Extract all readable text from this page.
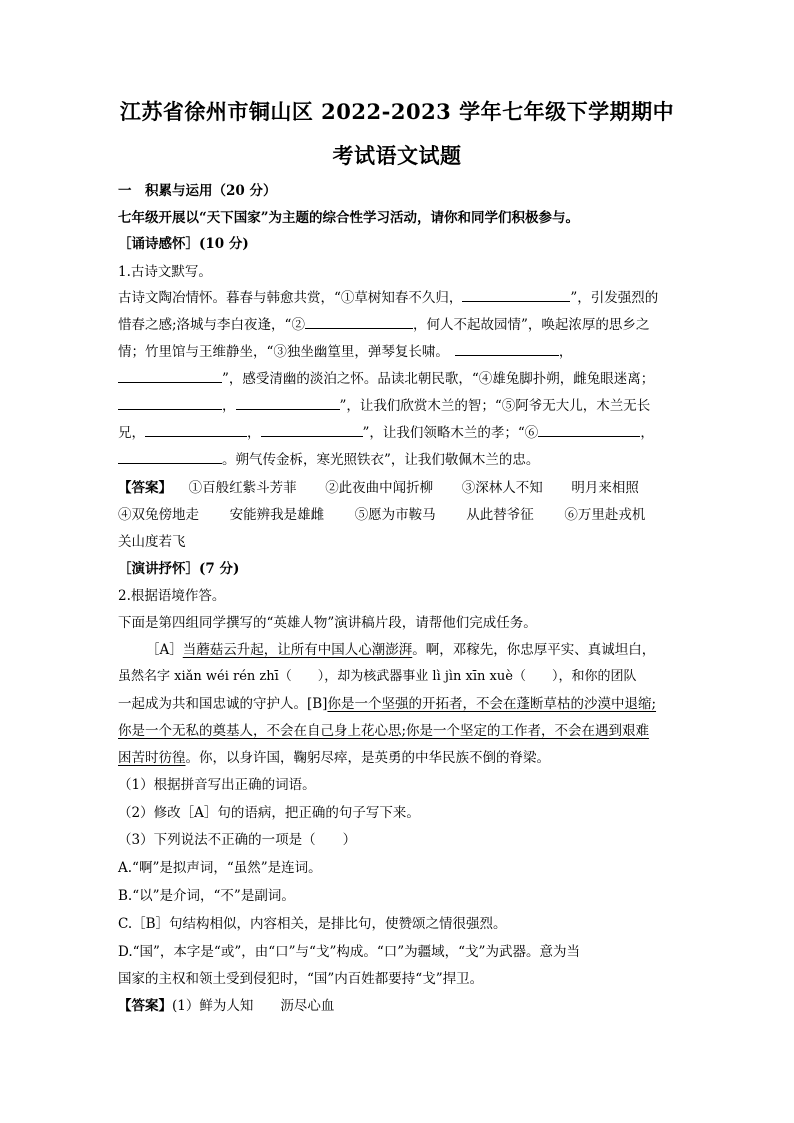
江苏省徐州市铜山区 2022-2023 学年七年级下学期期中
考试语文试题
一　积累与运用（20 分）
七年级开展以“天下国家”为主题的综合性学习活动，请你和同学们积极参与。
［诵诗感怀］(10 分)
1.古诗文默写。
古诗文陶冶情怀。暮春与韩愈共赏，“①草树知春不久归，	”，引发强烈的
惜春之感;洛城与李白夜逢，“②	，何人不起故园情”，唤起浓厚的思乡之
情；竹里馆与王维静坐，“③独坐幽篁里，弹琴复长啸。	，
”，感受清幽的淡泊之怀。品读北朝民歌，“④雄兔脚扑朔，雌兔眼迷离；
，	”，让我们欣赏木兰的智；“⑤阿爷无大儿，木兰无长
兄，	，	”，让我们领略木兰的孝；“⑥	，
。朔气传金柝，寒光照铁衣”，让我们敬佩木兰的忠。
【答案】 ①百般红紫斗芳菲 ②此夜曲中闻折柳 ③深林人不知 明月来相照
④双兔傍地走 安能辨我是雄雌 ⑤愿为市鞍马 从此替爷征 ⑥万里赴戎机
关山度若飞
［演讲抒怀］(7 分)
2.根据语境作答。
下面是第四组同学撰写的“英雄人物”演讲稿片段，请帮他们完成任务。
［A］当蘑菇云升起，让所有中国人心潮澎湃。啊，邓稼先，你忠厚平实、真诚坦白，
虽然名字 xiǎn wéi rén zhī（　　），却为核武器事业 lì jìn xīn xuè（　　），和你的团队
一起成为共和国忠诚的守护人。[B]你是一个坚强的开拓者，不会在蓬断草枯的沙漠中退缩;
你是一个无私的奠基人，不会在自己身上花心思;你是一个坚定的工作者，不会在遇到艰难
困苦时彷徨。你，以身许国，鞠躬尽瘁，是英勇的中华民族不倒的脊梁。
（1）根据拼音写出正确的词语。
（2）修改［A］句的语病，把正确的句子写下来。
（3）下列说法不正确的一项是（　　）
A.“啊”是拟声词，“虽然”是连词。
B.“以”是介词，“不”是副词。
C.［B］句结构相似，内容相关，是排比句，使赞颂之情很强烈。
D.“国”，本字是“或”，由“口”与“戈”构成。“口”为疆域，“戈”为武器。意为当
国家的主权和领土受到侵犯时，“国”内百姓都要持“戈”捍卫。
【答案】(1）鲜为人知　　沥尽心血
